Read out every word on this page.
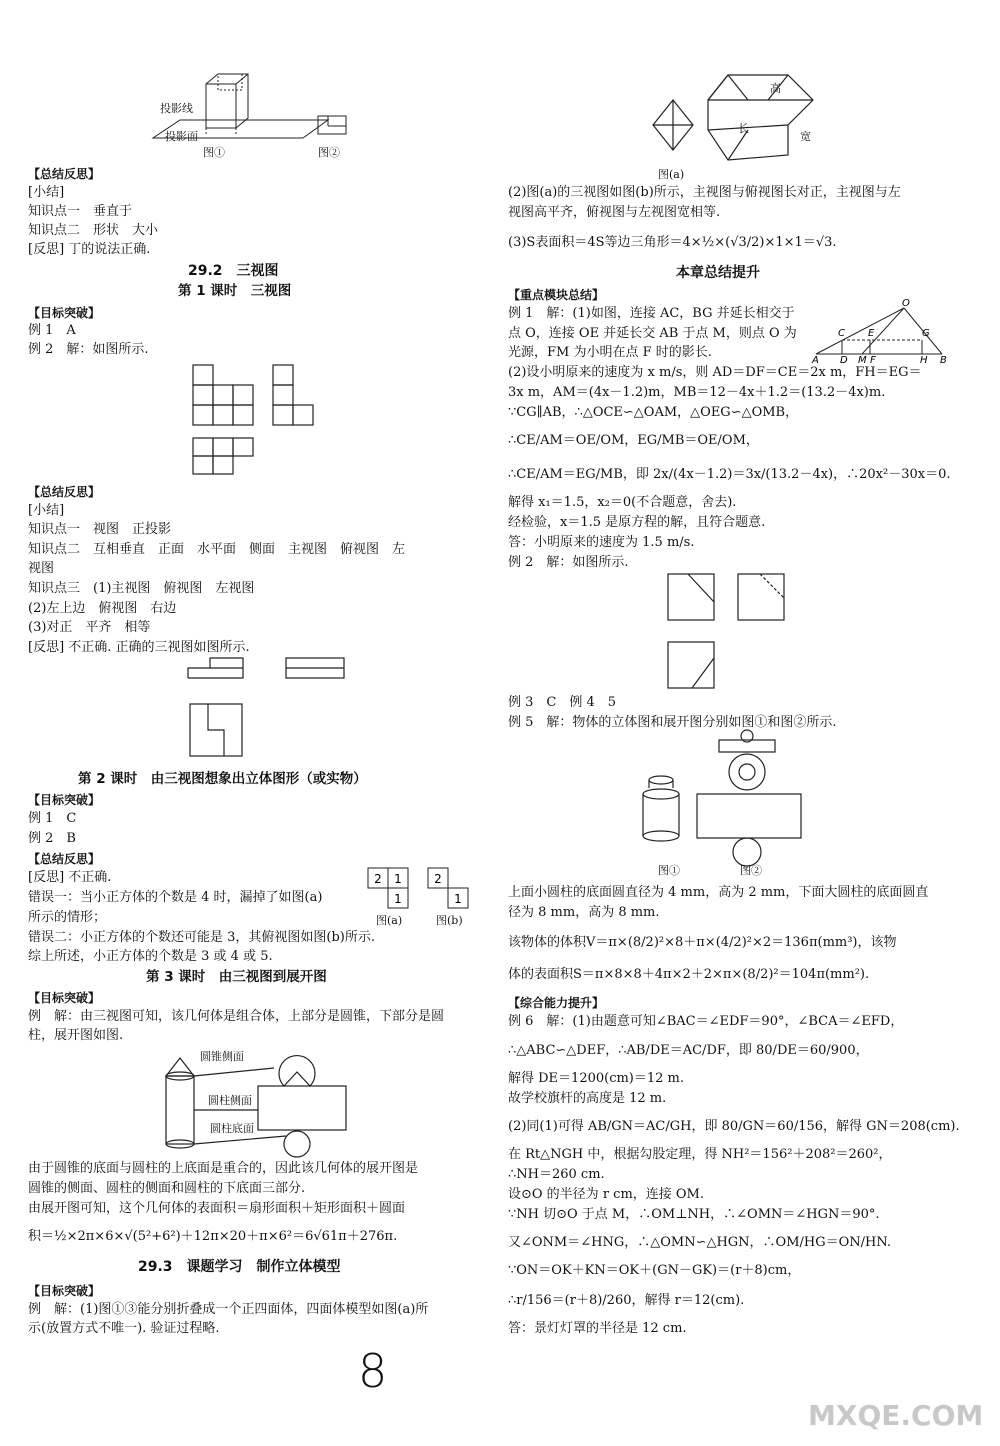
投影线
投影面
图①	图②
【总结反思】
[小结]
知识点一　垂直于
知识点二　形状　大小
[反思] 丁的说法正确.
29.2　三视图
第 1 课时　三视图
【目标突破】
例 1　A
例 2　解：如图所示.
【总结反思】
[小结]
知识点一　视图　正投影
知识点二　互相垂直　正面　水平面　侧面　主视图　俯视图　左
视图
知识点三　(1)主视图　俯视图　左视图
(2)左上边　俯视图　右边
(3)对正　平齐　相等
[反思] 不正确. 正确的三视图如图所示.
第 2 课时　由三视图想象出立体图形（或实物）
【目标突破】
例 1　C
例 2　B
【总结反思】
[反思] 不正确.
错误一：当小正方体的个数是 4 时，漏掉了如图(a)
所示的情形；
错误二：小正方体的个数还可能是 3，其俯视图如图(b)所示.
综上所述，小正方体的个数是 3 或 4 或 5.
2 1
1
图(a)
2
1
图(b)
第 3 课时　由三视图到展开图
【目标突破】
例　解：由三视图可知，该几何体是组合体，上部分是圆锥，下部分是圆
柱，展开图如图.
圆锥侧面
圆柱侧面
圆柱底面
由于圆锥的底面与圆柱的上底面是重合的，因此该几何体的展开图是
圆锥的侧面、圆柱的侧面和圆柱的下底面三部分.
由展开图可知，这个几何体的表面积＝扇形面积＋矩形面积＋圆面
积＝½×2π×6×√(5²+6²)＋12π×20＋π×6²＝6√61π＋276π.
29.3　课题学习　制作立体模型
【目标突破】
例　解：(1)图①③能分别折叠成一个正四面体，四面体模型如图(a)所
示(放置方式不唯一). 验证过程略.
8
高
长
宽
图(a)
(2)图(a)的三视图如图(b)所示，主视图与俯视图长对正，主视图与左
视图高平齐，俯视图与左视图宽相等.
(3)S表面积＝4S等边三角形＝4×½×(√3/2)×1×1＝√3.
本章总结提升
【重点模块总结】
例 1　解：(1)如图，连接 AC，BG 并延长相交于
点 O，连接 OE 并延长交 AB 于点 M，则点 O 为
光源，FM 为小明在点 F 时的影长.
O
C E	G
A D M F	H B
(2)设小明原来的速度为 x m/s，则 AD＝DF＝CE＝2x m，FH＝EG＝
3x m，AM＝(4x－1.2)m，MB＝12－4x＋1.2＝(13.2－4x)m.
∵CG∥AB，∴△OCE∽△OAM，△OEG∽△OMB，
∴CE/AM＝OE/OM，EG/MB＝OE/OM，
∴CE/AM＝EG/MB，即 2x/(4x－1.2)＝3x/(13.2－4x)，∴20x²－30x＝0.
解得 x₁＝1.5，x₂＝0(不合题意，舍去).
经检验，x＝1.5 是原方程的解，且符合题意.
答：小明原来的速度为 1.5 m/s.
例 2　解：如图所示.
例 3　C　例 4　5
例 5　解：物体的立体图和展开图分别如图①和图②所示.
图①	图②
上面小圆柱的底面圆直径为 4 mm，高为 2 mm，下面大圆柱的底面圆直
径为 8 mm，高为 8 mm.
该物体的体积V＝π×(8/2)²×8＋π×(4/2)²×2＝136π(mm³)，该物
体的表面积S＝π×8×8＋4π×2＋2×π×(8/2)²＝104π(mm²).
【综合能力提升】
例 6　解：(1)由题意可知∠BAC＝∠EDF＝90°，∠BCA＝∠EFD，
∴△ABC∽△DEF，∴AB/DE＝AC/DF，即 80/DE＝60/900，
解得 DE＝1200(cm)＝12 m.
故学校旗杆的高度是 12 m.
(2)同(1)可得 AB/GN＝AC/GH，即 80/GN＝60/156，解得 GN＝208(cm).
在 Rt△NGH 中，根据勾股定理，得 NH²＝156²＋208²＝260²，
∴NH＝260 cm.
设⊙O 的半径为 r cm，连接 OM.
∵NH 切⊙O 于点 M，∴OM⊥NH，∴∠OMN＝∠HGN＝90°.
又∠ONM＝∠HNG，∴△OMN∽△HGN，∴OM/HG＝ON/HN.
∵ON＝OK＋KN＝OK＋(GN－GK)＝(r＋8)cm，
∴r/156＝(r＋8)/260，解得 r＝12(cm).
答：景灯灯罩的半径是 12 cm.
MXQE.COM
